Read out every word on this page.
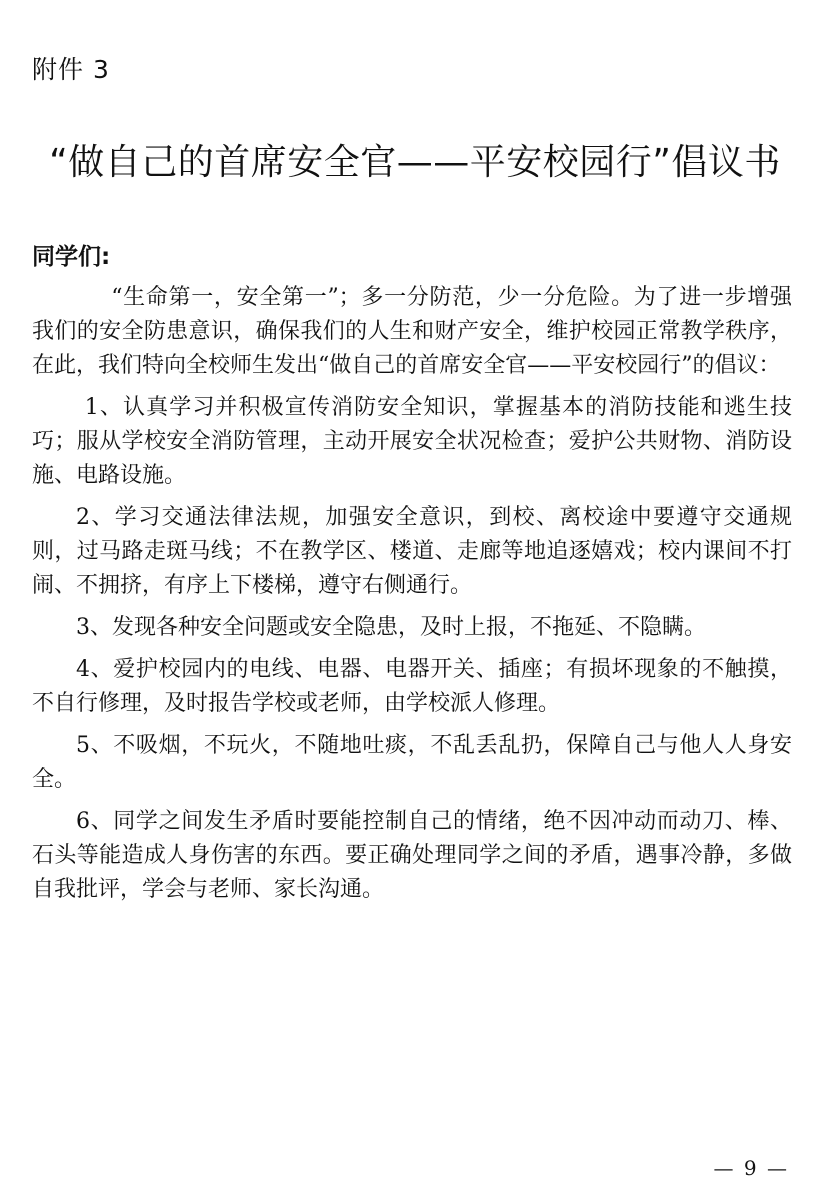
附件 3
“做自己的首席安全官——平安校园行”倡议书
同学们:

“生命第一，安全第一”；多一分防范，少一分危险。为了进一步增强我们的安全防患意识，确保我们的人生和财产安全，维护校园正常教学秩序，在此，我们特向全校师生发出“做自己的首席安全官——平安校园行”的倡议：

1、认真学习并积极宣传消防安全知识，掌握基本的消防技能和逃生技巧；服从学校安全消防管理，主动开展安全状况检查；爱护公共财物、消防设施、电路设施。

2、学习交通法律法规，加强安全意识，到校、离校途中要遵守交通规则，过马路走斑马线；不在教学区、楼道、走廊等地追逐嬉戏；校内课间不打闹、不拥挤，有序上下楼梯，遵守右侧通行。

3、发现各种安全问题或安全隐患，及时上报，不拖延、不隐瞒。

4、爱护校园内的电线、电器、电器开关、插座；有损坏现象的不触摸，不自行修理，及时报告学校或老师，由学校派人修理。

5、不吸烟，不玩火，不随地吐痰，不乱丢乱扔，保障自己与他人人身安全。

6、同学之间发生矛盾时要能控制自己的情绪，绝不因冲动而动刀、棒、石头等能造成人身伤害的东西。要正确处理同学之间的矛盾，遇事冷静，多做自我批评，学会与老师、家长沟通。

— 9 —
